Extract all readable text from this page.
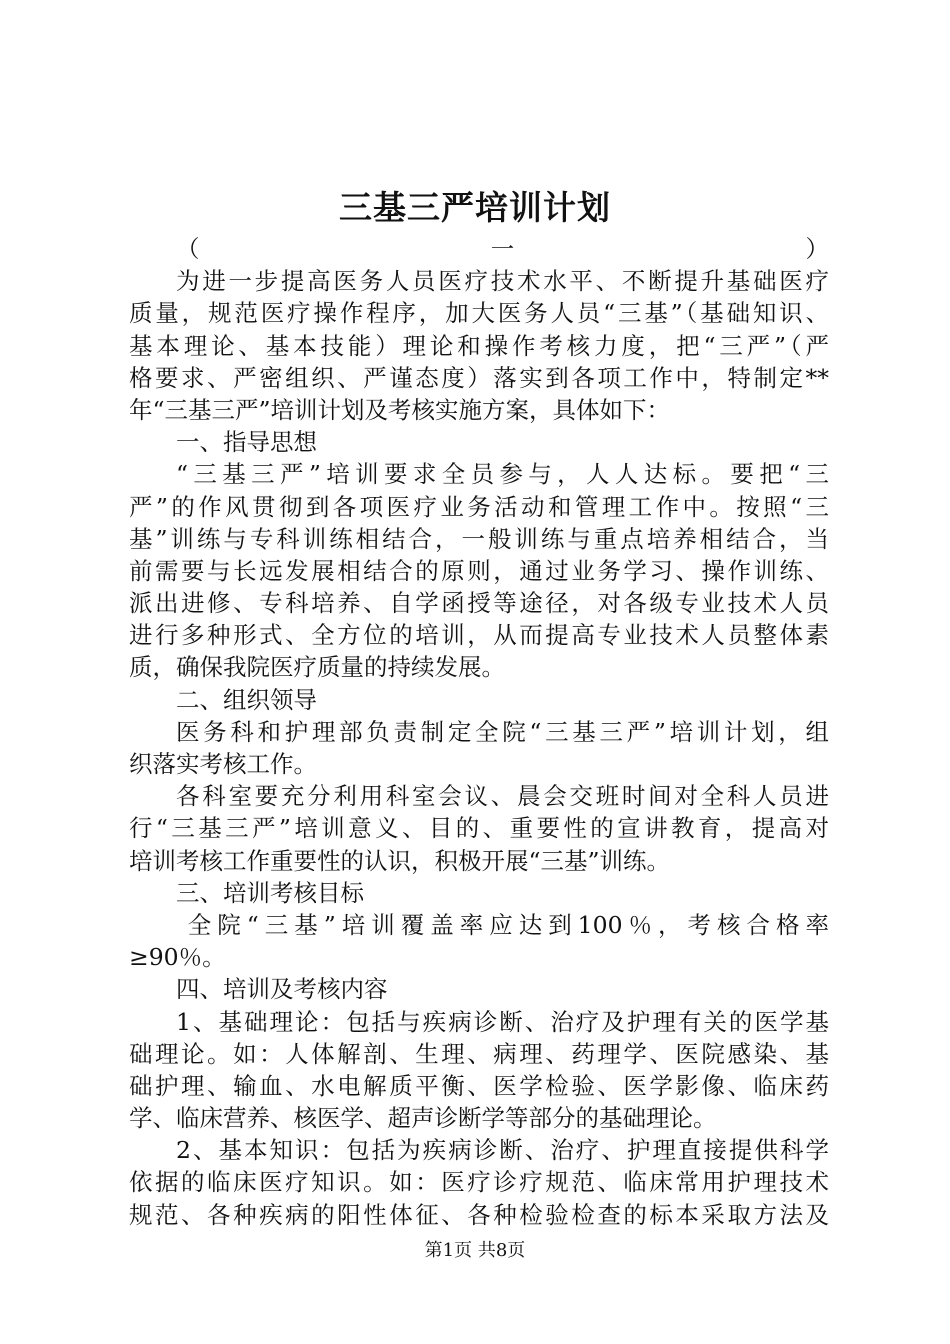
三基三严培训计划
（一）
为进一步提高医务人员医疗技术水平、不断提升基础医疗
质量，规范医疗操作程序，加大医务人员“三基”（基础知识、
基本理论、基本技能）理论和操作考核力度，把“三严”（严
格要求、严密组织、严谨态度）落实到各项工作中，特制定**
年“三基三严”培训计划及考核实施方案，具体如下：
一、指导思想
“三基三严”培训要求全员参与，人人达标。要把“三
严”的作风贯彻到各项医疗业务活动和管理工作中。按照“三
基”训练与专科训练相结合，一般训练与重点培养相结合，当
前需要与长远发展相结合的原则，通过业务学习、操作训练、
派出进修、专科培养、自学函授等途径，对各级专业技术人员
进行多种形式、全方位的培训，从而提高专业技术人员整体素
质，确保我院医疗质量的持续发展。
二、组织领导
医务科和护理部负责制定全院“三基三严”培训计划，组
织落实考核工作。
各科室要充分利用科室会议、晨会交班时间对全科人员进
行“三基三严”培训意义、目的、重要性的宣讲教育，提高对
培训考核工作重要性的认识，积极开展“三基”训练。
三、培训考核目标
全院“三基”培训覆盖率应达到100％，考核合格率
≥90％。
四、培训及考核内容
1、基础理论：包括与疾病诊断、治疗及护理有关的医学基
础理论。如：人体解剖、生理、病理、药理学、医院感染、基
础护理、输血、水电解质平衡、医学检验、医学影像、临床药
学、临床营养、核医学、超声诊断学等部分的基础理论。
2、基本知识：包括为疾病诊断、治疗、护理直接提供科学
依据的临床医疗知识。如：医疗诊疗规范、临床常用护理技术
规范、各种疾病的阳性体征、各种检验检查的标本采取方法及
第1页 共8页
